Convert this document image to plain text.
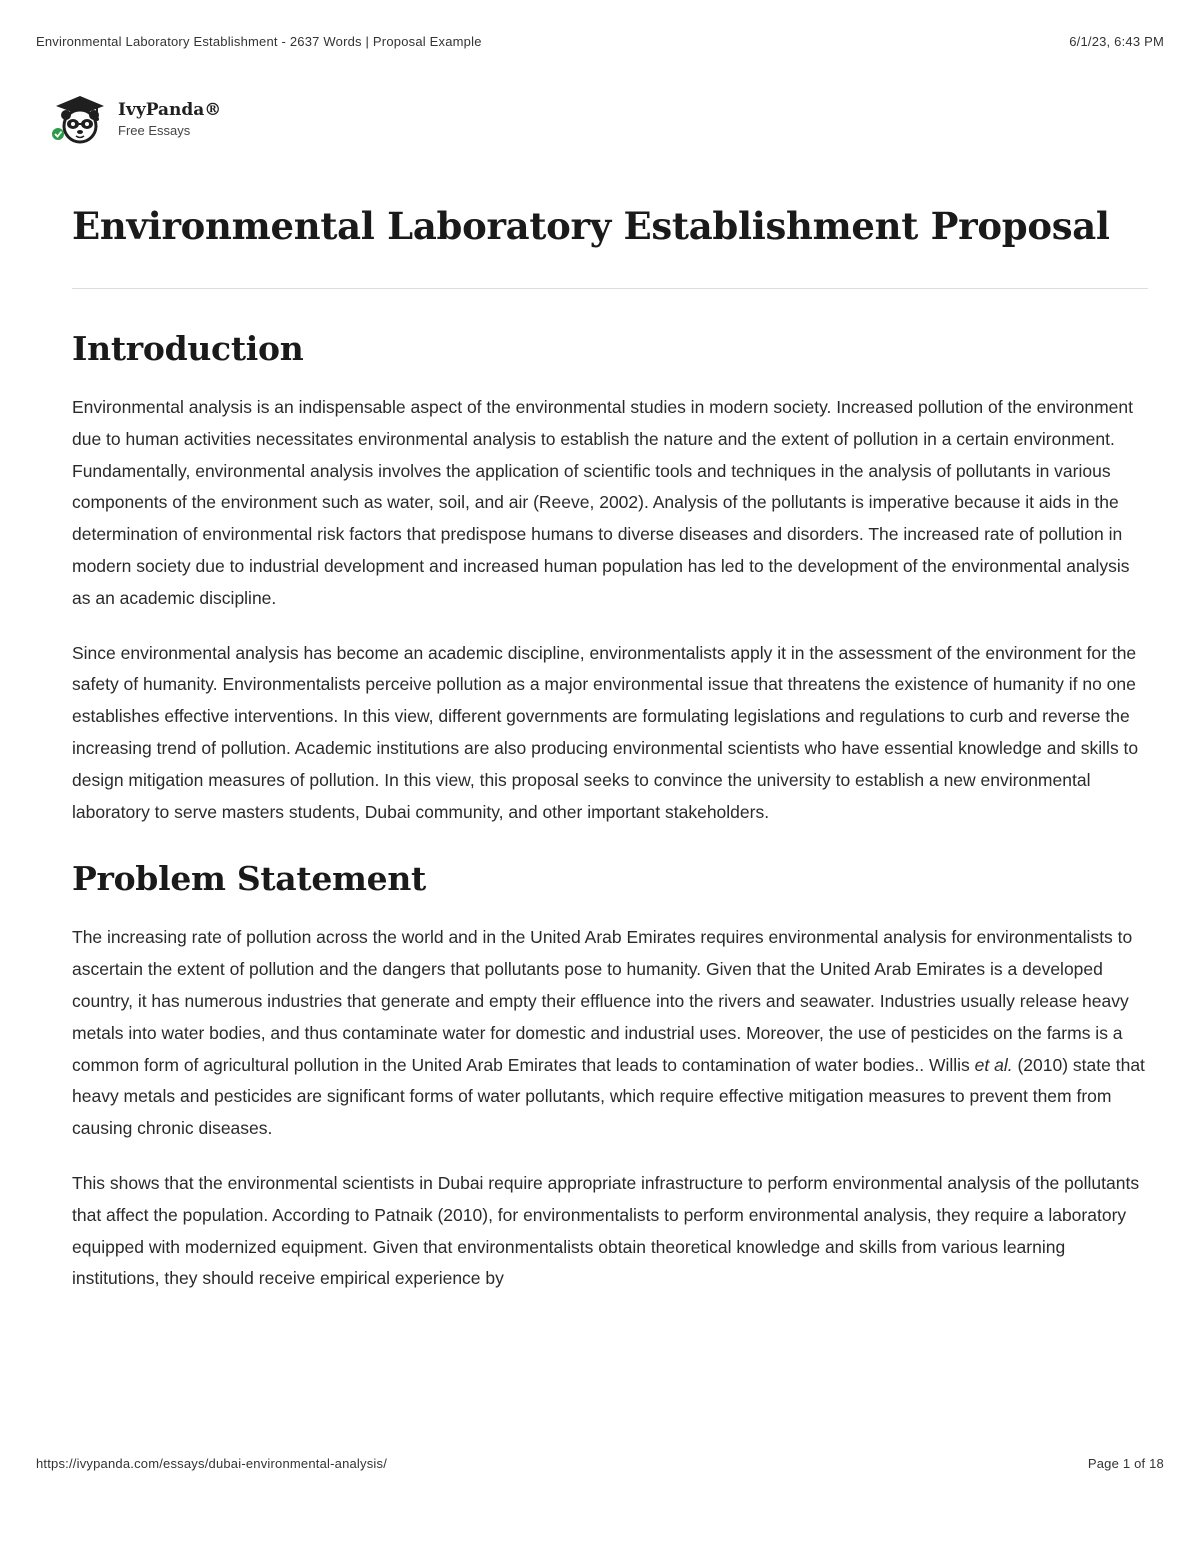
Environmental Laboratory Establishment - 2637 Words | Proposal Example	6/1/23, 6:43 PM
IvyPanda®
Free Essays
Environmental Laboratory Establishment Proposal
Introduction

Environmental analysis is an indispensable aspect of the environmental studies in modern society. Increased pollution of the environment due to human activities necessitates environmental analysis to establish the nature and the extent of pollution in a certain environment. Fundamentally, environmental analysis involves the application of scientific tools and techniques in the analysis of pollutants in various components of the environment such as water, soil, and air (Reeve, 2002). Analysis of the pollutants is imperative because it aids in the determination of environmental risk factors that predispose humans to diverse diseases and disorders. The increased rate of pollution in modern society due to industrial development and increased human population has led to the development of the environmental analysis as an academic discipline.

Since environmental analysis has become an academic discipline, environmentalists apply it in the assessment of the environment for the safety of humanity. Environmentalists perceive pollution as a major environmental issue that threatens the existence of humanity if no one establishes effective interventions. In this view, different governments are formulating legislations and regulations to curb and reverse the increasing trend of pollution. Academic institutions are also producing environmental scientists who have essential knowledge and skills to design mitigation measures of pollution. In this view, this proposal seeks to convince the university to establish a new environmental laboratory to serve masters students, Dubai community, and other important stakeholders.

Problem Statement

The increasing rate of pollution across the world and in the United Arab Emirates requires environmental analysis for environmentalists to ascertain the extent of pollution and the dangers that pollutants pose to humanity. Given that the United Arab Emirates is a developed country, it has numerous industries that generate and empty their effluence into the rivers and seawater. Industries usually release heavy metals into water bodies, and thus contaminate water for domestic and industrial uses. Moreover, the use of pesticides on the farms is a common form of agricultural pollution in the United Arab Emirates that leads to contamination of water bodies.. Willis et al. (2010) state that heavy metals and pesticides are significant forms of water pollutants, which require effective mitigation measures to prevent them from causing chronic diseases.

This shows that the environmental scientists in Dubai require appropriate infrastructure to perform environmental analysis of the pollutants that affect the population. According to Patnaik (2010), for environmentalists to perform environmental analysis, they require a laboratory equipped with modernized equipment. Given that environmentalists obtain theoretical knowledge and skills from various learning institutions, they should receive empirical experience by

https://ivypanda.com/essays/dubai-environmental-analysis/	Page 1 of 18
